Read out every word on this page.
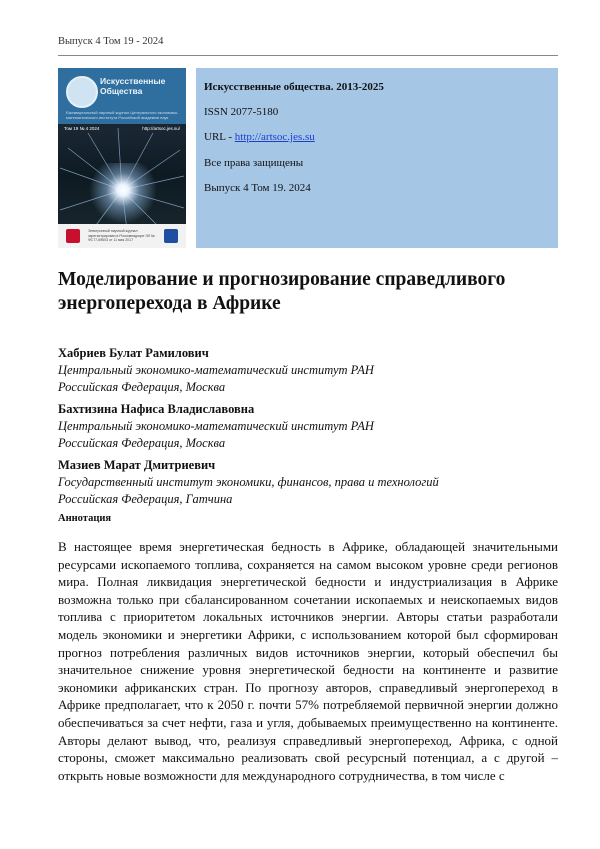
Выпуск 4 Том 19 - 2024
Искусственные Общества
Ежеквартальный научный журнал Центрального экономико-математического института Российской академии наук
Том 19 № 4 2024	http://artsoc.jes.su/
Электронный научный журнал зарегистрирован в Роскомнадзоре ЭЛ № ФС77-69603 от 11 мая 2017
Искусственные общества. 2013-2025
ISSN 2077-5180
URL - http://artsoc.jes.su
Все права защищены
Выпуск 4 Том 19. 2024
Моделирование и прогнозирование справедливого энергоперехода в Африке
Хабриев Булат Рамилович
Центральный экономико-математический институт РАН
Российская Федерация, Москва
Бахтизина Нафиса Владиславовна
Центральный экономико-математический институт РАН
Российская Федерация, Москва
Мазиев Марат Дмитриевич
Государственный институт экономики, финансов, права и технологий
Российская Федерация, Гатчина
Аннотация

В настоящее время энергетическая бедность в Африке, обладающей значительными ресурсами ископаемого топлива, сохраняется на самом высоком уровне среди регионов мира. Полная ликвидация энергетической бедности и индустриализация в Африке возможна только при сбалансированном сочетании ископаемых и неископаемых видов топлива с приоритетом локальных источников энергии. Авторы статьи разработали модель экономики и энергетики Африки, с использованием которой был сформирован прогноз потребления различных видов источников энергии, который обеспечил бы значительное снижение уровня энергетической бедности на континенте и развитие экономики африканских стран. По прогнозу авторов, справедливый энергопереход в Африке предполагает, что к 2050 г. почти 57% потребляемой первичной энергии должно обеспечиваться за счет нефти, газа и угля, добываемых преимущественно на континенте. Авторы делают вывод, что, реализуя справедливый энергопереход, Африка, с одной стороны, сможет максимально реализовать свой ресурсный потенциал, а с другой – открыть новые возможности для международного сотрудничества, в том числе с
